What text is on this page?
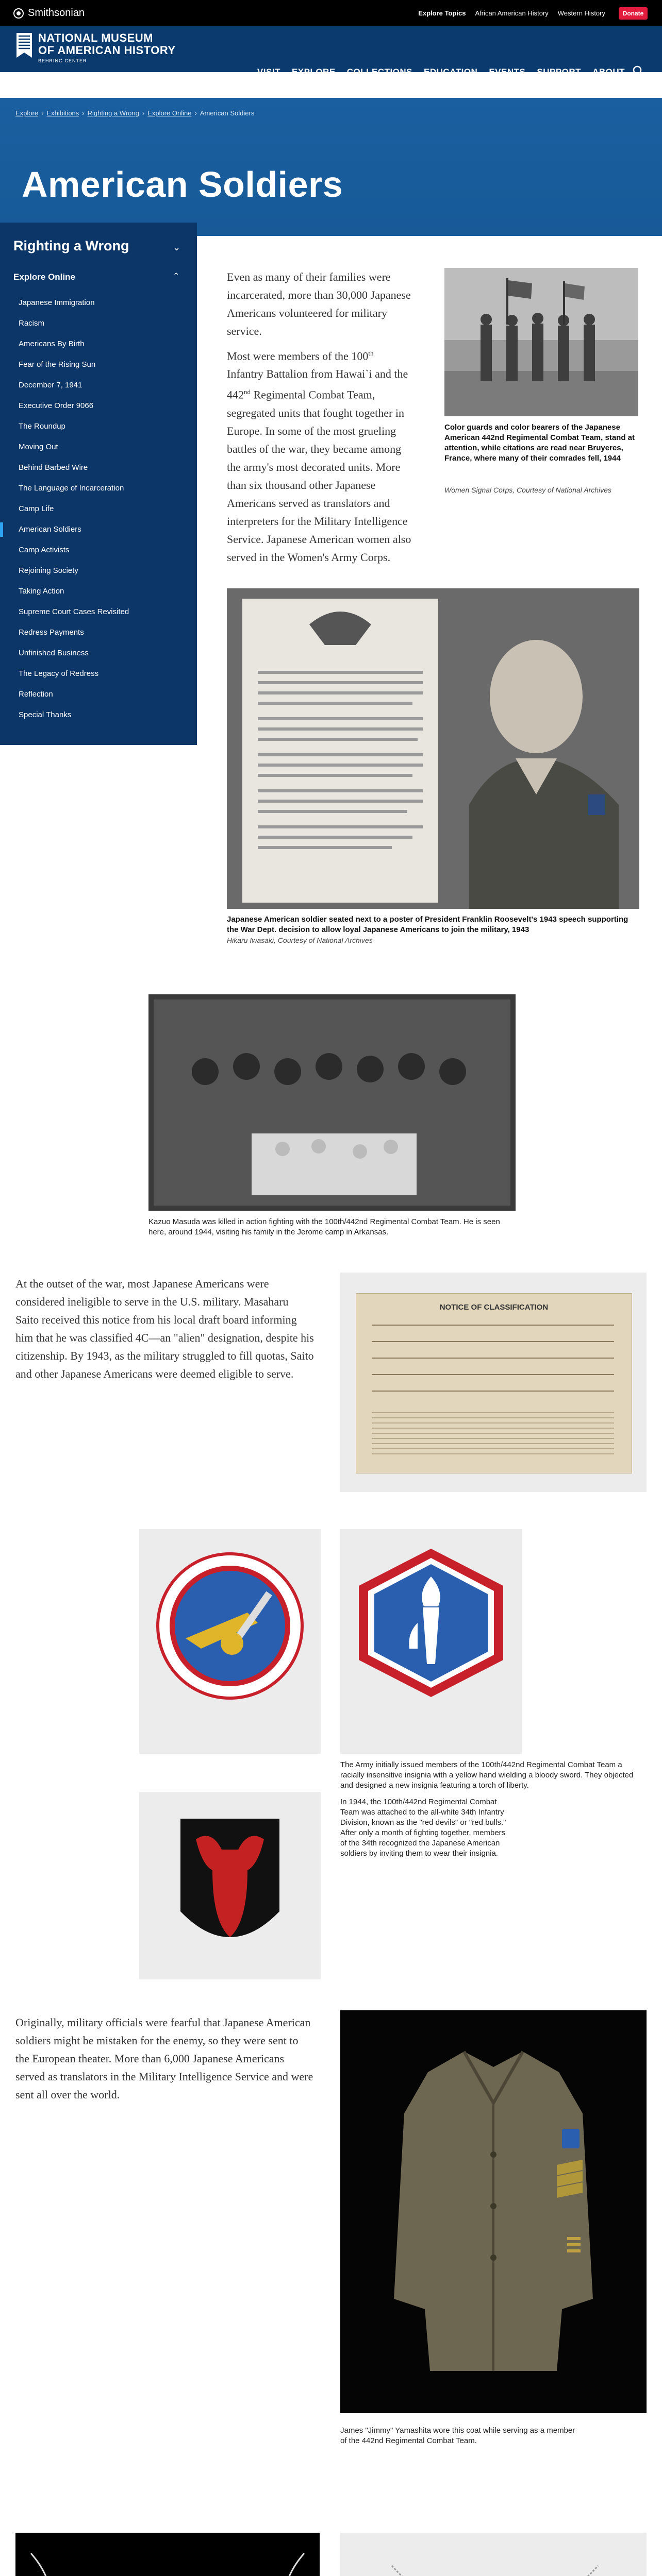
Smithsonian	Explore Topics African American History Western History	Donate
NATIONAL MUSEUM
OF AMERICAN HISTORY
BEHRING CENTER
VISIT EXPLORE COLLECTIONS EDUCATION EVENTS SUPPORT ABOUT
Explore › Exhibitions › Righting a Wrong › Explore Online › American Soldiers
American Soldiers
Righting a Wrong	⌄
Explore Online	⌃
Japanese Immigration
Racism
Americans By Birth
Fear of the Rising Sun
December 7, 1941
Executive Order 9066
The Roundup
Moving Out
Behind Barbed Wire
The Language of Incarceration
Camp Life
American Soldiers
Camp Activists
Rejoining Society
Taking Action
Supreme Court Cases Revisited
Redress Payments
Unfinished Business
The Legacy of Redress
Reflection
Special Thanks
Even as many of their families were incarcerated, more than 30,000 Japanese Americans volunteered for military service.
Most were members of the 100th Infantry Battalion from Hawai`i and the 442nd Regimental Combat Team, segregated units that fought together in Europe. In some of the most grueling battles of the war, they became among the army's most decorated units. More than six thousand other Japanese Americans served as translators and interpreters for the Military Intelligence Service. Japanese American women also served in the Women's Army Corps.
Color guards and color bearers of the Japanese American 442nd Regimental Combat Team, stand at attention, while citations are read near Bruyeres, France, where many of their comrades fell, 1944
Women Signal Corps, Courtesy of National Archives
Japanese American soldier seated next to a poster of President Franklin Roosevelt's 1943 speech supporting the War Dept. decision to allow loyal Japanese Americans to join the military, 1943
Hikaru Iwasaki, Courtesy of National Archives
Kazuo Masuda was killed in action fighting with the 100th/442nd Regimental Combat Team. He is seen here, around 1944, visiting his family in the Jerome camp in Arkansas.
At the outset of the war, most Japanese Americans were considered ineligible to serve in the U.S. military. Masaharu Saito received this notice from his local draft board informing him that he was classified 4C—an "alien" designation, despite his citizenship. By 1943, as the military struggled to fill quotas, Saito and other Japanese Americans were deemed eligible to serve.
NOTICE OF CLASSIFICATION
The Army initially issued members of the 100th/442nd Regimental Combat Team a racially insensitive insignia with a yellow hand wielding a bloody sword. They objected and designed a new insignia featuring a torch of liberty.
In 1944, the 100th/442nd Regimental Combat Team was attached to the all-white 34th Infantry Division, known as the "red devils" or "red bulls." After only a month of fighting together, members of the 34th recognized the Japanese American soldiers by inviting them to wear their insignia.
Originally, military officials were fearful that Japanese American soldiers might be mistaken for the enemy, so they were sent to the European theater. More than 6,000 Japanese Americans served as translators in the Military Intelligence Service and were sent all over the world.
James "Jimmy" Yamashita wore this coat while serving as a member of the 442nd Regimental Combat Team.
